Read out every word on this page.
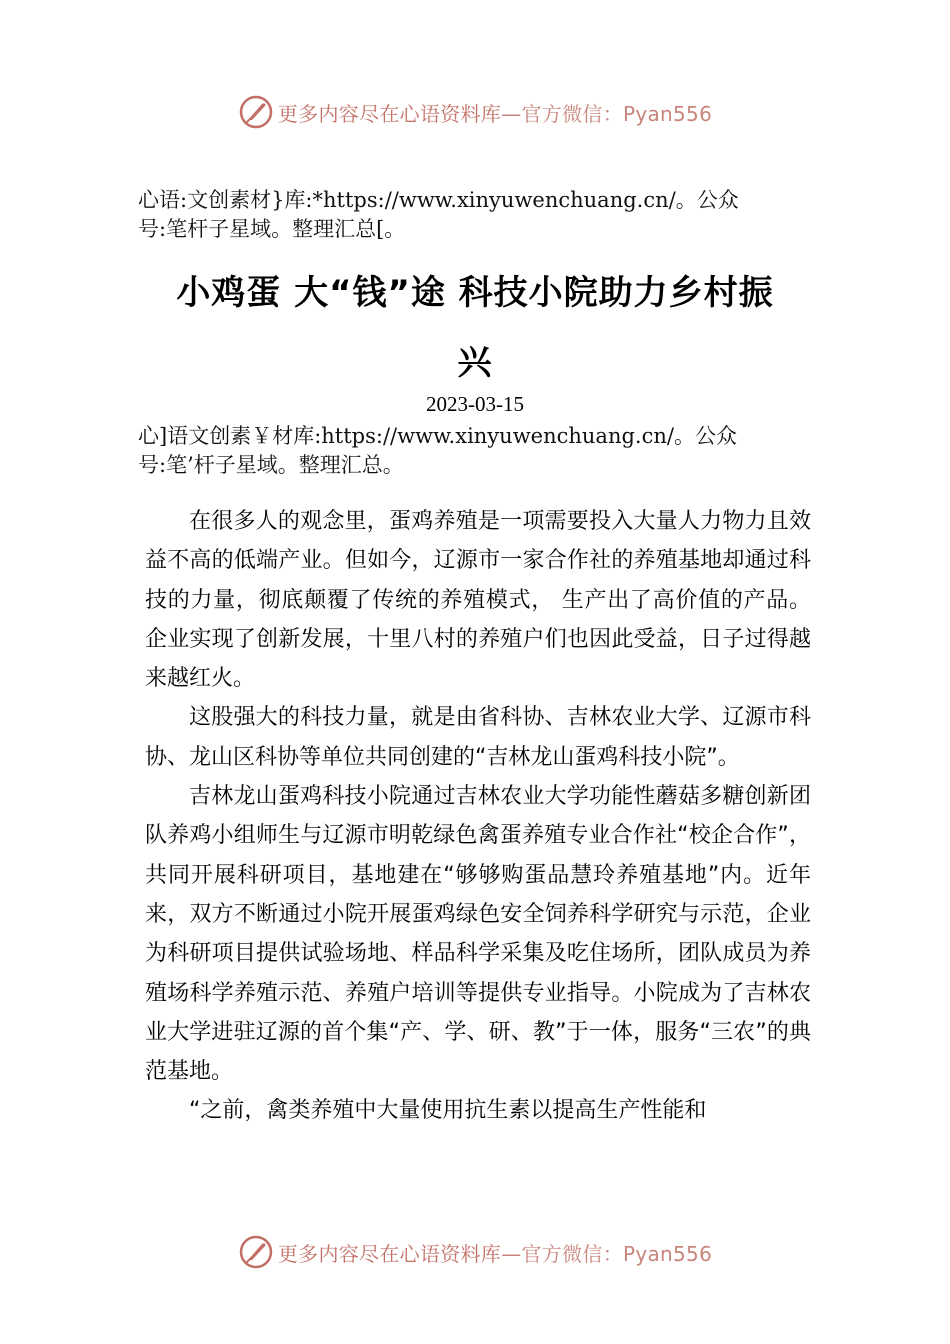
更多内容尽在心语资料库—官方微信：Pyan556
心语:文创素材}库:*https://www.xinyuwenchuang.cn/。公众
号:笔杆子星域。整理汇总[。
小鸡蛋 大“钱”途 科技小院助力乡村振
兴
2023-03-15
心]语文创素￥材库:https://www.xinyuwenchuang.cn/。公众
号:笔’杆子星域。整理汇总。

在很多人的观念里，蛋鸡养殖是一项需要投入大量人力物力且效益不高的低端产业。但如今，辽源市一家合作社的养殖基地却通过科技的力量，彻底颠覆了传统的养殖模式， 生产出了高价值的产品。企业实现了创新发展，十里八村的养殖户们也因此受益，日子过得越来越红火。

这股强大的科技力量，就是由省科协、吉林农业大学、辽源市科协、龙山区科协等单位共同创建的“吉林龙山蛋鸡科技小院”。

吉林龙山蛋鸡科技小院通过吉林农业大学功能性蘑菇多糖创新团队养鸡小组师生与辽源市明乾绿色禽蛋养殖专业合作社“校企合作”，共同开展科研项目，基地建在“够够购蛋品慧玲养殖基地”内。近年来，双方不断通过小院开展蛋鸡绿色安全饲养科学研究与示范，企业为科研项目提供试验场地、样品科学采集及吃住场所，团队成员为养殖场科学养殖示范、养殖户培训等提供专业指导。小院成为了吉林农业大学进驻辽源的首个集“产、学、研、教”于一体，服务“三农”的典范基地。

“之前，禽类养殖中大量使用抗生素以提高生产性能和

更多内容尽在心语资料库—官方微信：Pyan556
